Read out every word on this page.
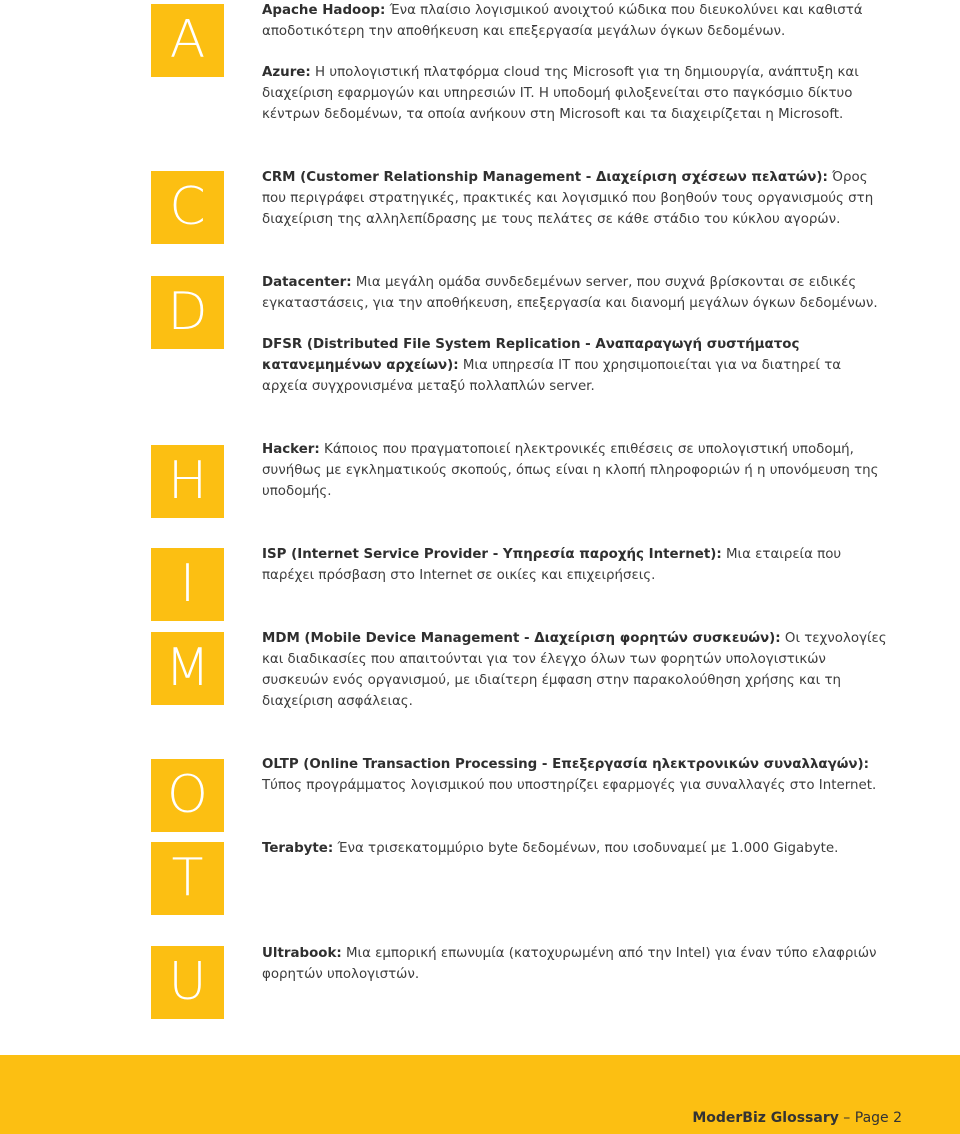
A
C
D
H
I
M
O
T
U
Apache Hadoop: Ένα πλαίσιο λογισμικού ανοιχτού κώδικα που διευκολύνει και καθιστά αποδοτικότερη την αποθήκευση και επεξεργασία μεγάλων όγκων δεδομένων.
Azure: Η υπολογιστική πλατφόρμα cloud της Microsoft για τη δημιουργία, ανάπτυξη και διαχείριση εφαρμογών και υπηρεσιών IT. Η υποδομή φιλοξενείται στο παγκόσμιο δίκτυο κέντρων δεδομένων, τα οποία ανήκουν στη Microsoft και τα διαχειρίζεται η Microsoft.
CRM (Customer Relationship Management - Διαχείριση σχέσεων πελατών): Όρος που περιγράφει στρατηγικές, πρακτικές και λογισμικό που βοηθούν τους οργανισμούς στη διαχείριση της αλληλεπίδρασης με τους πελάτες σε κάθε στάδιο του κύκλου αγορών.
Datacenter: Μια μεγάλη ομάδα συνδεδεμένων server, που συχνά βρίσκονται σε ειδικές εγκαταστάσεις, για την αποθήκευση, επεξεργασία και διανομή μεγάλων όγκων δεδομένων.
DFSR (Distributed File System Replication - Αναπαραγωγή συστήματος κατανεμημένων αρχείων): Μια υπηρεσία IT που χρησιμοποιείται για να διατηρεί τα αρχεία συγχρονισμένα μεταξύ πολλαπλών server.
Hacker: Κάποιος που πραγματοποιεί ηλεκτρονικές επιθέσεις σε υπολογιστική υποδομή, συνήθως με εγκληματικούς σκοπούς, όπως είναι η κλοπή πληροφοριών ή η υπονόμευση της υποδομής.
ISP (Internet Service Provider - Υπηρεσία παροχής Internet): Μια εταιρεία που παρέχει πρόσβαση στο Internet σε οικίες και επιχειρήσεις.
MDM (Mobile Device Management - Διαχείριση φορητών συσκευών): Οι τεχνολογίες και διαδικασίες που απαιτούνται για τον έλεγχο όλων των φορητών υπολογιστικών συσκευών ενός οργανισμού, με ιδιαίτερη έμφαση στην παρακολούθηση χρήσης και τη διαχείριση ασφάλειας.
OLTP (Online Transaction Processing - Επεξεργασία ηλεκτρονικών συναλλαγών): Τύπος προγράμματος λογισμικού που υποστηρίζει εφαρμογές για συναλλαγές στο Internet.
Terabyte: Ένα τρισεκατομμύριο byte δεδομένων, που ισοδυναμεί με 1.000 Gigabyte.
Ultrabook: Μια εμπορική επωνυμία (κατοχυρωμένη από την Intel) για έναν τύπο ελαφριών φορητών υπολογιστών.
ModerBiz Glossary – Page 2
